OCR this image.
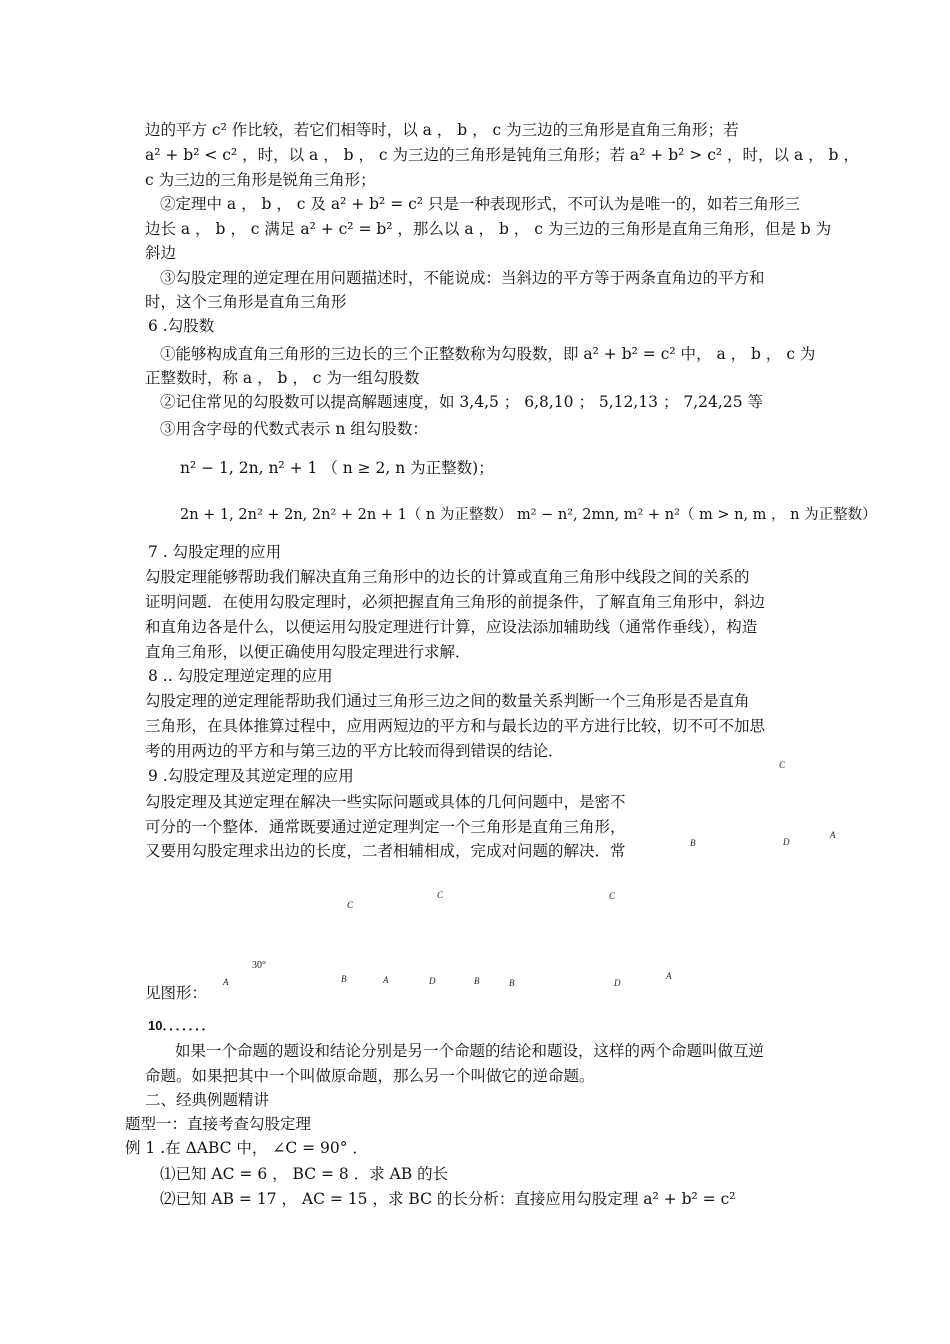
边的平方 c² 作比较，若它们相等时，以 a ， b ， c 为三边的三角形是直角三角形；若
a² + b² < c² ，时，以 a ， b ， c 为三边的三角形是钝角三角形；若 a² + b² > c² ，时，以 a ， b ，
c 为三边的三角形是锐角三角形；
②定理中 a ， b ， c 及 a² + b² = c² 只是一种表现形式，不可认为是唯一的，如若三角形三
边长 a ， b ， c 满足 a² + c² = b² ，那么以 a ， b ， c 为三边的三角形是直角三角形，但是 b 为
斜边
③勾股定理的逆定理在用问题描述时，不能说成：当斜边的平方等于两条直角边的平方和
时，这个三角形是直角三角形
6 .勾股数
①能够构成直角三角形的三边长的三个正整数称为勾股数，即 a² + b² = c² 中， a ， b ， c 为
正整数时，称 a ， b ， c 为一组勾股数
②记住常见的勾股数可以提高解题速度，如 3,4,5 ； 6,8,10 ； 5,12,13 ； 7,24,25 等
③用含字母的代数式表示 n 组勾股数：
n² − 1, 2n, n² + 1 （ n ≥ 2, n 为正整数)；
2n + 1, 2n² + 2n, 2n² + 2n + 1（ n 为正整数） m² − n², 2mn, m² + n²（ m > n, m ， n 为正整数）
7 . 勾股定理的应用
勾股定理能够帮助我们解决直角三角形中的边长的计算或直角三角形中线段之间的关系的
证明问题．在使用勾股定理时，必须把握直角三角形的前提条件，了解直角三角形中，斜边
和直角边各是什么，以便运用勾股定理进行计算，应设法添加辅助线（通常作垂线），构造
直角三角形，以便正确使用勾股定理进行求解．
8 .. 勾股定理逆定理的应用
勾股定理的逆定理能帮助我们通过三角形三边之间的数量关系判断一个三角形是否是直角
三角形，在具体推算过程中，应用两短边的平方和与最长边的平方进行比较，切不可不加思
考的用两边的平方和与第三边的平方比较而得到错误的结论．
9 .勾股定理及其逆定理的应用
勾股定理及其逆定理在解决一些实际问题或具体的几何问题中，是密不
可分的一个整体．通常既要通过逆定理判定一个三角形是直角三角形，
又要用勾股定理求出边的长度，二者相辅相成，完成对问题的解决．常
见图形：
10．．．．．．．
如果一个命题的题设和结论分别是另一个命题的结论和题设，这样的两个命题叫做互逆
命题。如果把其中一个叫做原命题，那么另一个叫做它的逆命题。
二、经典例题精讲
题型一：直接考查勾股定理
例 1 .在 ΔABC 中， ∠C = 90° ．
⑴已知 AC = 6 ， BC = 8 ．求 AB 的长
⑵已知 AB = 17 ， AC = 15 ，求 BC 的长分析：直接应用勾股定理 a² + b² = c²
C
B	D
A
C
C	C
30°
A	B	A	D	B	B	D
A
